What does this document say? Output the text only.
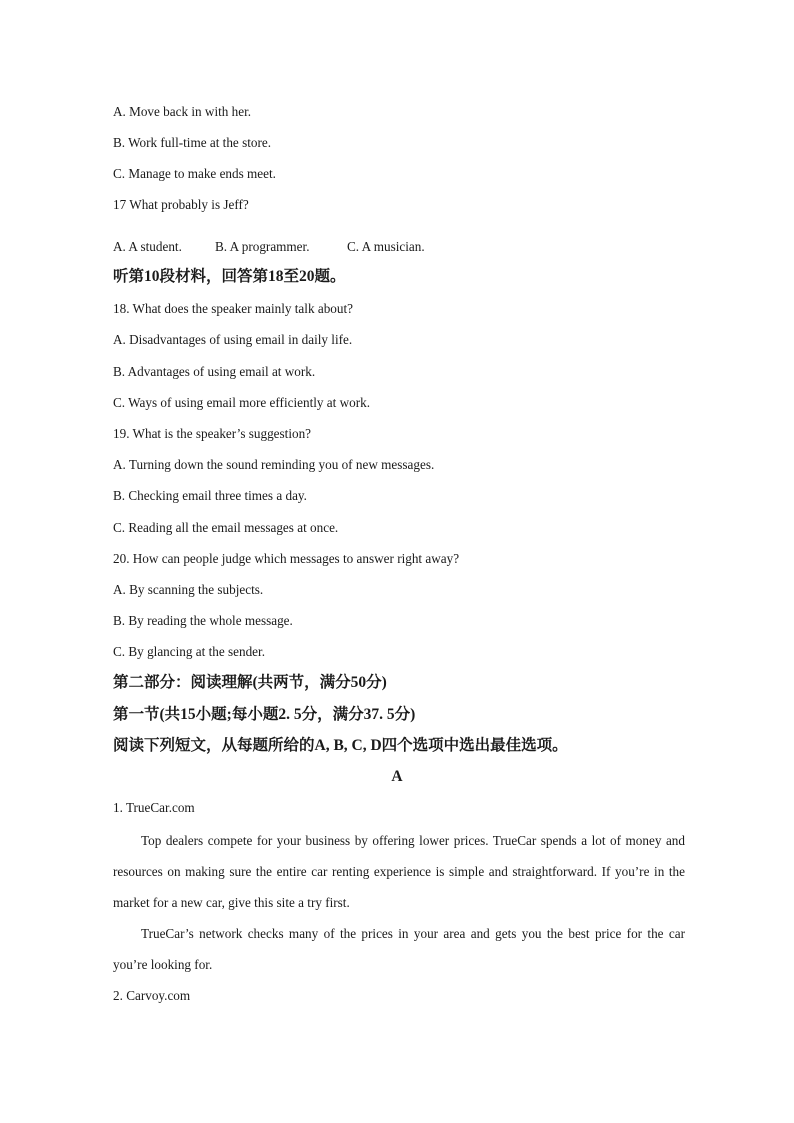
A. Move back in with her.
B. Work full-time at the store.
C. Manage to make ends meet.
17 What probably is Jeff?
A. A student.	B. A programmer.	C. A musician.
听第10段材料，回答第18至20题。
18. What does the speaker mainly talk about?
A. Disadvantages of using email in daily life.
B. Advantages of using email at work.
C. Ways of using email more efficiently at work.
19. What is the speaker’s suggestion?
A. Turning down the sound reminding you of new messages.
B. Checking email three times a day.
C. Reading all the email messages at once.
20. How can people judge which messages to answer right away?
A. By scanning the subjects.
B. By reading the whole message.
C. By glancing at the sender.
第二部分：阅读理解(共两节，满分50分)
第一节(共15小题;每小题2. 5分，满分37. 5分)
阅读下列短文，从每题所给的A, B, C, D四个选项中选出最佳选项。
A
1. TrueCar.com
Top dealers compete for your business by offering lower prices. TrueCar spends a lot of money and resources on making sure the entire car renting experience is simple and straightforward. If you’re in the market for a new car, give this site a try first.
TrueCar’s network checks many of the prices in your area and gets you the best price for the car you’re looking for.
2. Carvoy.com
